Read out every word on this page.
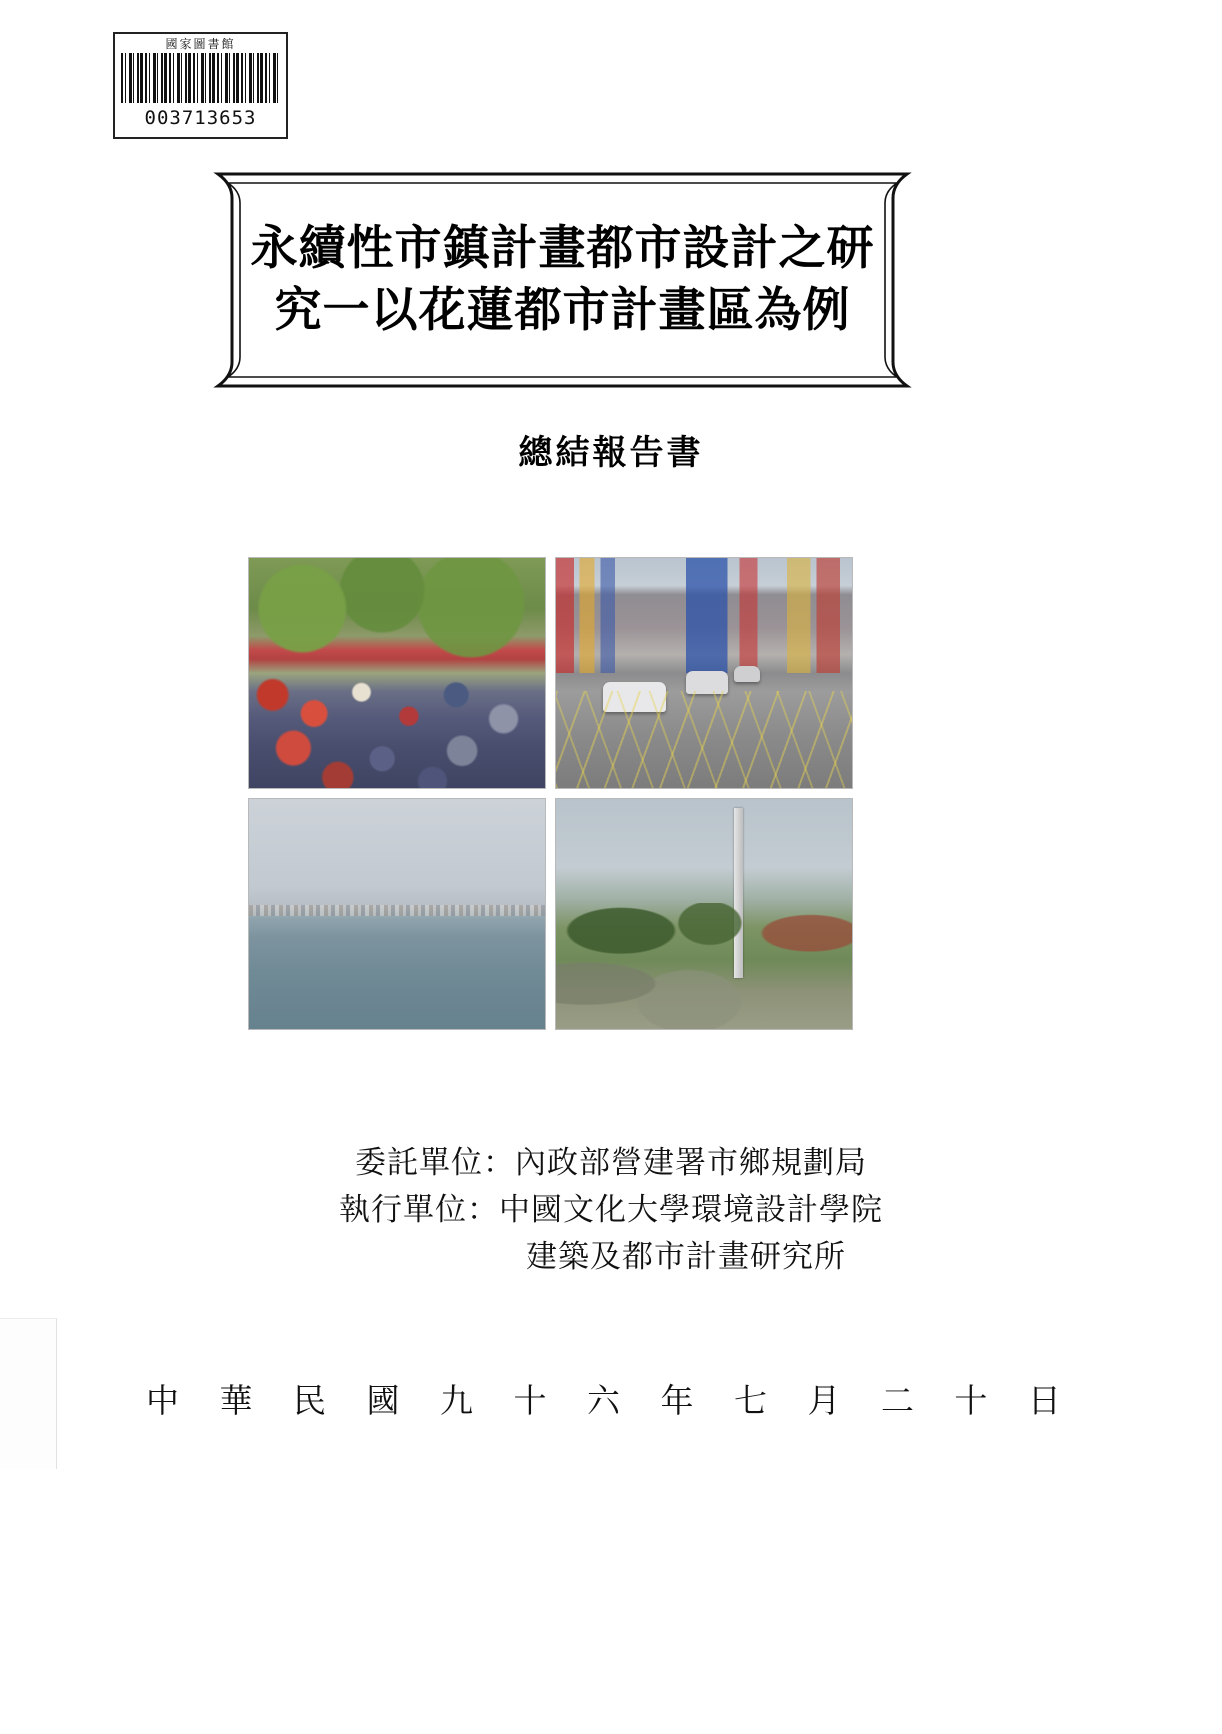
國家圖書館
003713653
永續性市鎮計畫都市設計之研
究一以花蓮都市計畫區為例
總結報告書
委託單位： 內政部營建署市鄉規劃局
執行單位： 中國文化大學環境設計學院
建築及都市計畫研究所
中 華 民 國 九 十 六 年 七 月 二 十 日
